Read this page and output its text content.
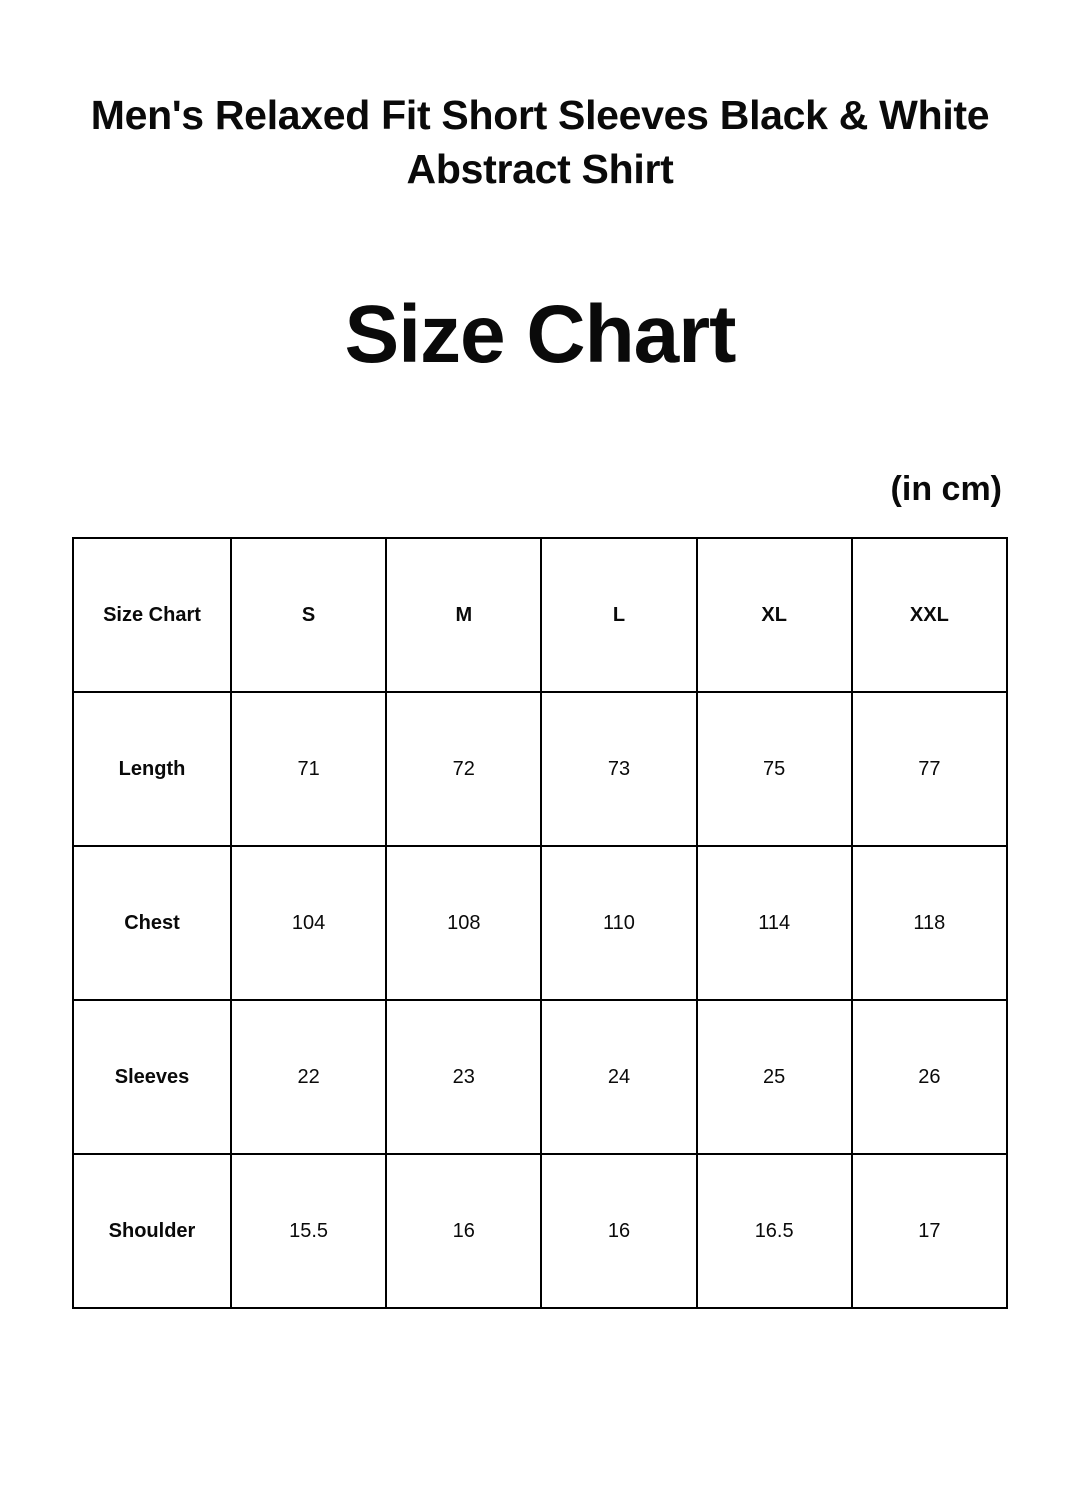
Men's Relaxed Fit Short Sleeves Black & White Abstract Shirt
Size Chart
(in cm)
Size Chart	S	M	L	XL	XXL
Length	71	72	73	75	77
Chest	104	108	110	114	118
Sleeves	22	23	24	25	26
Shoulder	15.5	16	16	16.5	17
